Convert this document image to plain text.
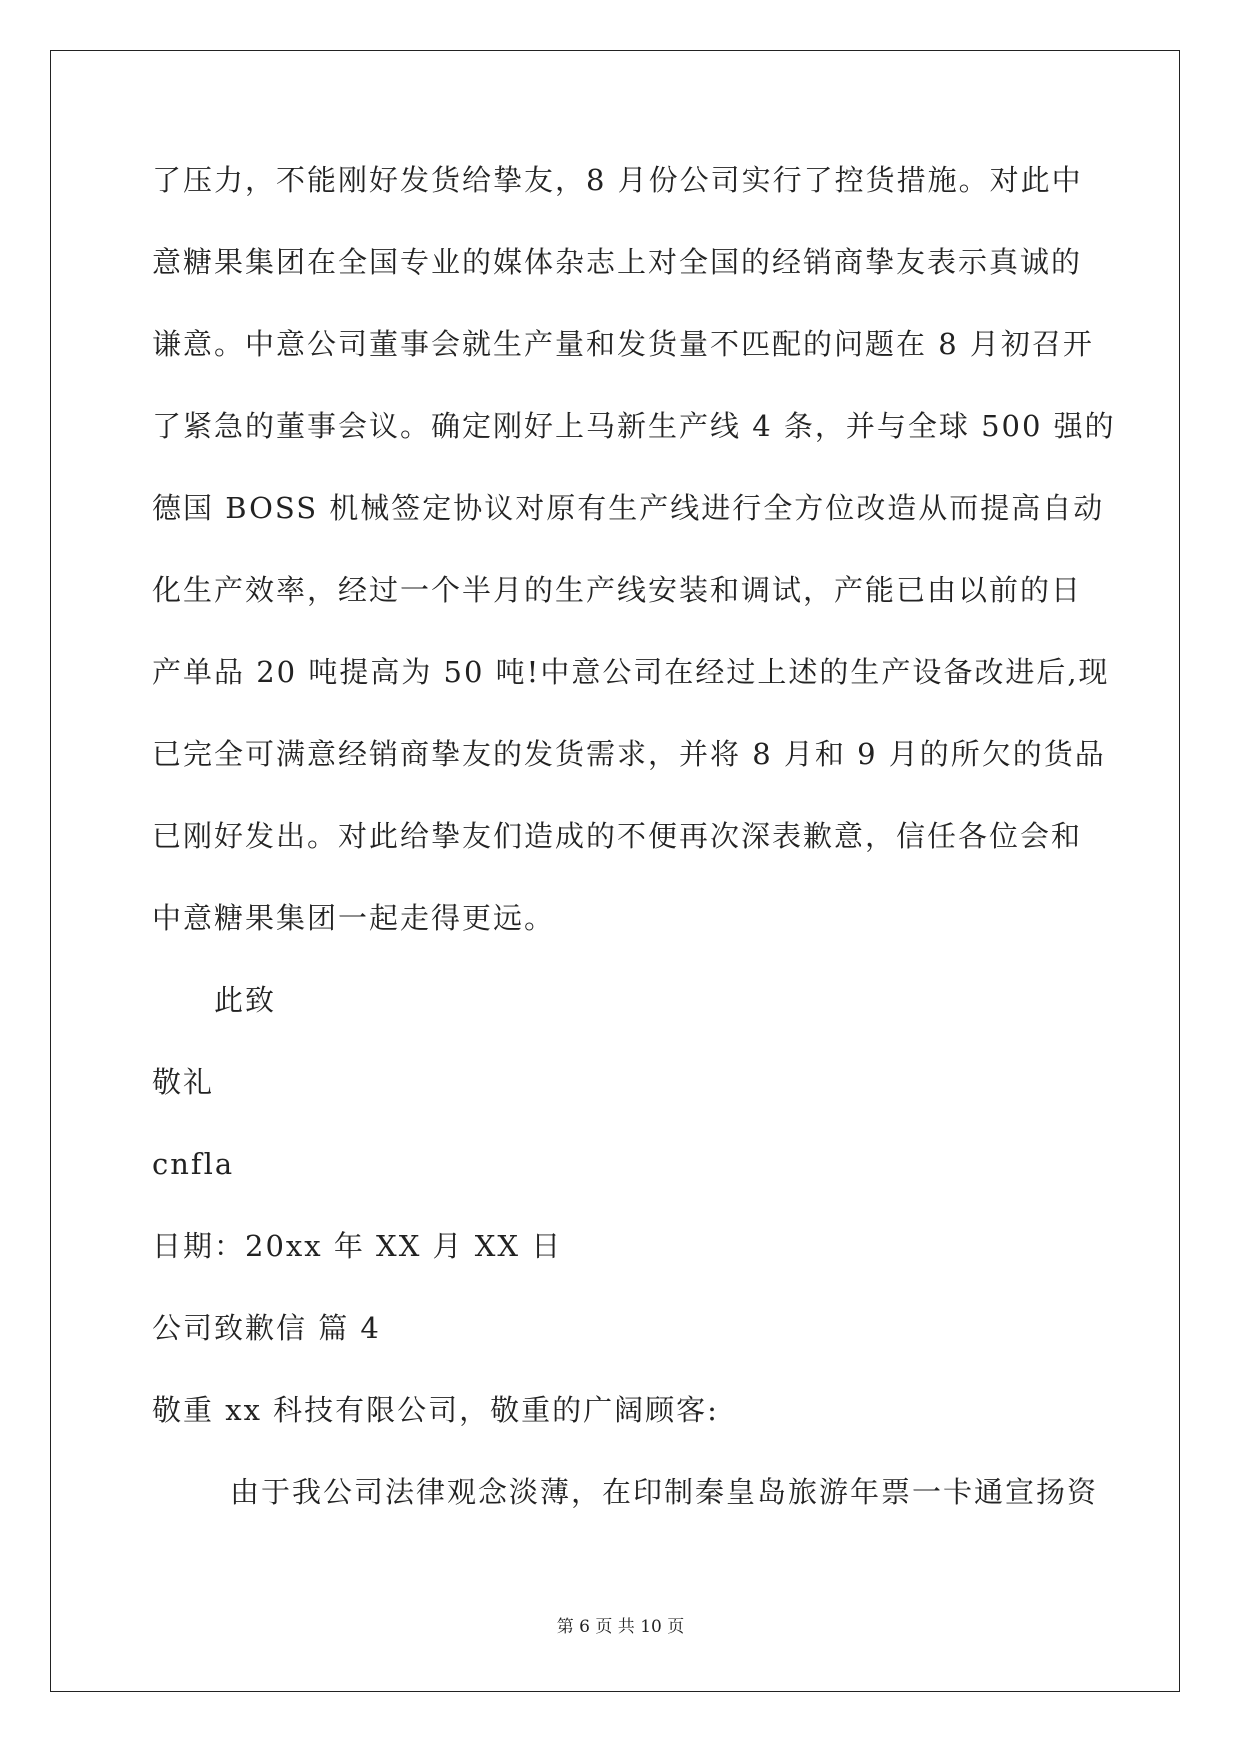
了压力，不能刚好发货给挚友，8 月份公司实行了控货措施。对此中
意糖果集团在全国专业的媒体杂志上对全国的经销商挚友表示真诚的
谦意。中意公司董事会就生产量和发货量不匹配的问题在 8 月初召开
了紧急的董事会议。确定刚好上马新生产线 4 条，并与全球 500 强的
德国 BOSS 机械签定协议对原有生产线进行全方位改造从而提高自动
化生产效率，经过一个半月的生产线安装和调试，产能已由以前的日
产单品 20 吨提高为 50 吨!中意公司在经过上述的生产设备改进后,现
已完全可满意经销商挚友的发货需求，并将 8 月和 9 月的所欠的货品
已刚好发出。对此给挚友们造成的不便再次深表歉意，信任各位会和
中意糖果集团一起走得更远。
此致
敬礼
cnfla
日期：20xx 年 XX 月 XX 日
公司致歉信 篇 4
敬重 xx 科技有限公司，敬重的广阔顾客:
由于我公司法律观念淡薄，在印制秦皇岛旅游年票一卡通宣扬资
第 6 页 共 10 页
